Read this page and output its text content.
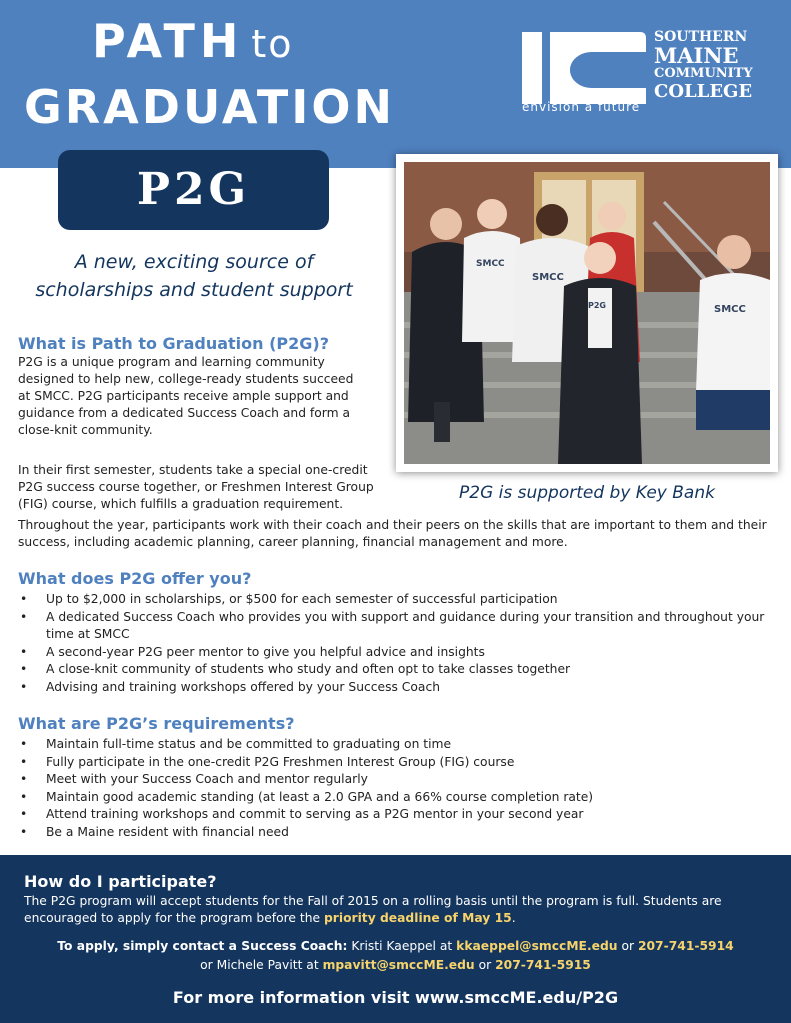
PATH to
GRADUATION
SOUTHERN
MAINE
COMMUNITY
COLLEGE
envision a future
P2G
A new, exciting source of
scholarships and student support
SMCC
SMCC
P2G	SMCC
P2G is supported by Key Bank
What is Path to Graduation (P2G)?
P2G is a unique program and learning community
designed to help new, college-ready students succeed
at SMCC. P2G participants receive ample support and
guidance from a dedicated Success Coach and form a
close-knit community.
In their first semester, students take a special one-credit
P2G success course together, or Freshmen Interest Group
(FIG) course, which fulfills a graduation requirement.
Throughout the year, participants work with their coach and their peers on the skills that are important to them and their
success, including academic planning, career planning, financial management and more.
What does P2G offer you?
• Up to $2,000 in scholarships, or $500 for each semester of successful participation
• A dedicated Success Coach who provides you with support and guidance during your transition and throughout your time at SMCC
• A second-year P2G peer mentor to give you helpful advice and insights
• A close-knit community of students who study and often opt to take classes together
• Advising and training workshops offered by your Success Coach
What are P2G’s requirements?
• Maintain full-time status and be committed to graduating on time
• Fully participate in the one-credit P2G Freshmen Interest Group (FIG) course
• Meet with your Success Coach and mentor regularly
• Maintain good academic standing (at least a 2.0 GPA and a 66% course completion rate)
• Attend training workshops and commit to serving as a P2G mentor in your second year
• Be a Maine resident with financial need
How do I participate?
The P2G program will accept students for the Fall of 2015 on a rolling basis until the program is full. Students are
encouraged to apply for the program before the priority deadline of May 15.
To apply, simply contact a Success Coach: Kristi Kaeppel at kkaeppel@smccME.edu or 207-741-5914
or Michele Pavitt at mpavitt@smccME.edu or 207-741-5915
For more information visit www.smccME.edu/P2G
